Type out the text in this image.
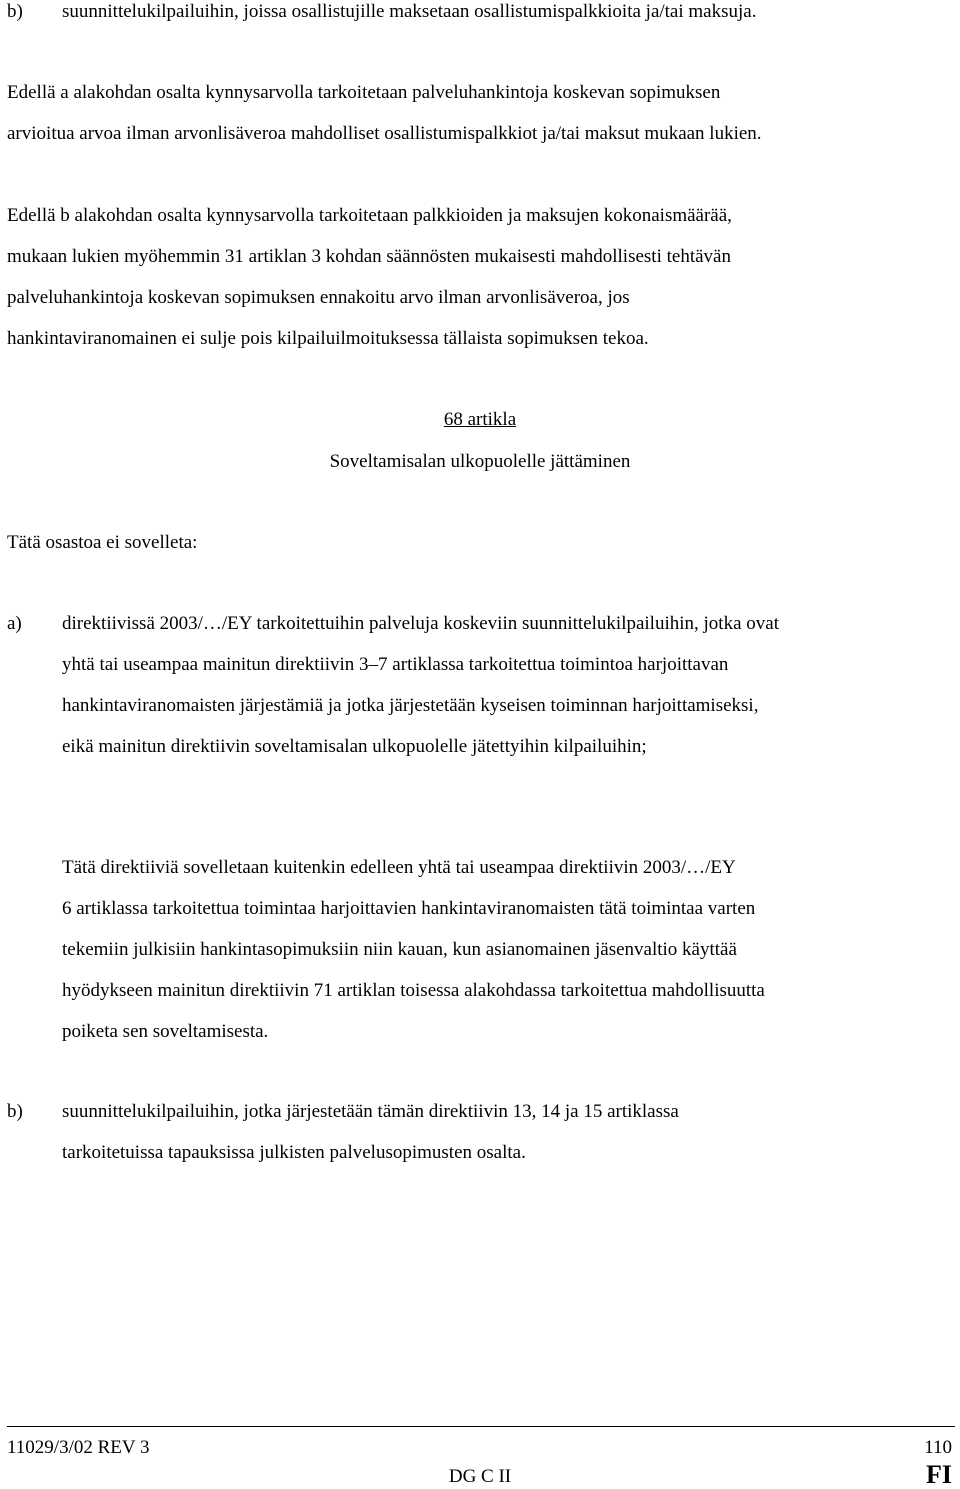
b) suunnittelukilpailuihin, joissa osallistujille maksetaan osallistumispalkkioita ja/tai maksuja.
Edellä a alakohdan osalta kynnysarvolla tarkoitetaan palveluhankintoja koskevan sopimuksen
arvioitua arvoa ilman arvonlisäveroa mahdolliset osallistumispalkkiot ja/tai maksut mukaan lukien.
Edellä b alakohdan osalta kynnysarvolla tarkoitetaan palkkioiden ja maksujen kokonaismäärää,
mukaan lukien myöhemmin 31 artiklan 3 kohdan säännösten mukaisesti mahdollisesti tehtävän
palveluhankintoja koskevan sopimuksen ennakoitu arvo ilman arvonlisäveroa, jos
hankintaviranomainen ei sulje pois kilpailuilmoituksessa tällaista sopimuksen tekoa.
68 artikla
Soveltamisalan ulkopuolelle jättäminen
Tätä osastoa ei sovelleta:
a) direktiivissä 2003/…/EY tarkoitettuihin palveluja koskeviin suunnittelukilpailuihin, jotka ovat
yhtä tai useampaa mainitun direktiivin 3–7 artiklassa tarkoitettua toimintoa harjoittavan
hankintaviranomaisten järjestämiä ja jotka järjestetään kyseisen toiminnan harjoittamiseksi,
eikä mainitun direktiivin soveltamisalan ulkopuolelle jätettyihin kilpailuihin;
Tätä direktiiviä sovelletaan kuitenkin edelleen yhtä tai useampaa direktiivin 2003/…/EY
6 artiklassa tarkoitettua toimintaa harjoittavien hankintaviranomaisten tätä toimintaa varten
tekemiin julkisiin hankintasopimuksiin niin kauan, kun asianomainen jäsenvaltio käyttää
hyödykseen mainitun direktiivin 71 artiklan toisessa alakohdassa tarkoitettua mahdollisuutta
poiketa sen soveltamisesta.
b) suunnittelukilpailuihin, jotka järjestetään tämän direktiivin 13, 14 ja 15 artiklassa
tarkoitetuissa tapauksissa julkisten palvelusopimusten osalta.
11029/3/02 REV 3	110
DG C II	FI
